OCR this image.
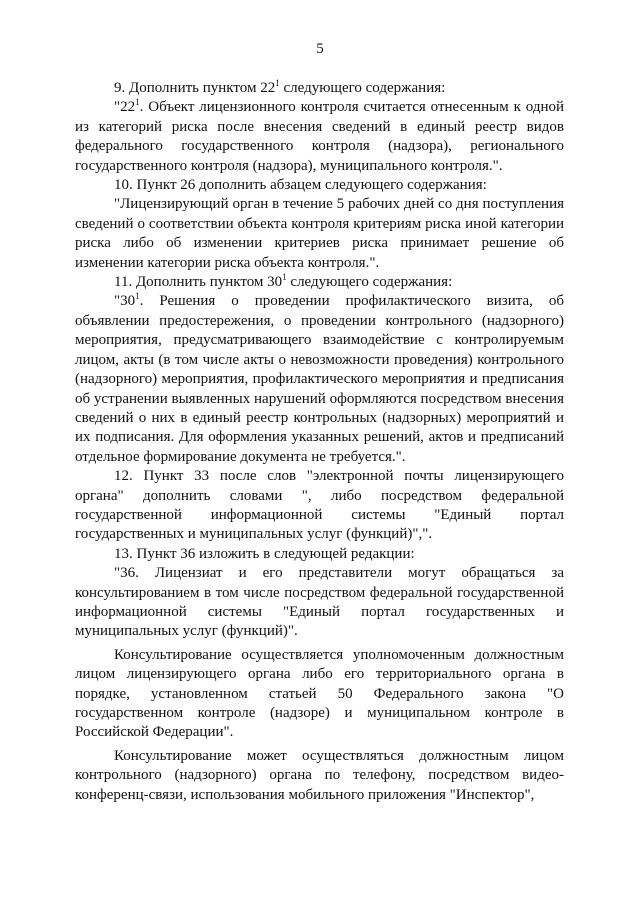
5

9. Дополнить пунктом $22^1$ следующего содержания:

"$22^1$. Объект лицензионного контроля считается отнесенным к одной из категорий риска после внесения сведений в единый реестр видов федерального государственного контроля (надзора), регионального государственного контроля (надзора), муниципального контроля.".

10. Пункт 26 дополнить абзацем следующего содержания:

"Лицензирующий орган в течение 5 рабочих дней со дня поступления сведений о соответствии объекта контроля критериям риска иной категории риска либо об изменении критериев риска принимает решение об изменении категории риска объекта контроля.".

11. Дополнить пунктом $30^1$ следующего содержания:

"$30^1$. Решения о проведении профилактического визита, об объявлении предостережения, о проведении контрольного (надзорного) мероприятия, предусматривающего взаимодействие с контролируемым лицом, акты (в том числе акты о невозможности проведения) контрольного (надзорного) мероприятия, профилактического мероприятия и предписания об устранении выявленных нарушений оформляются посредством внесения сведений о них в единый реестр контрольных (надзорных) мероприятий и их подписания. Для оформления указанных решений, актов и предписаний отдельное формирование документа не требуется.".

12. Пункт 33 после слов "электронной почты лицензирующего органа" дополнить словами ", либо посредством федеральной государственной информационной системы "Единый портал государственных и муниципальных услуг (функций)",".

13. Пункт 36 изложить в следующей редакции:

"36. Лицензиат и его представители могут обращаться за консультированием в том числе посредством федеральной государственной информационной системы "Единый портал государственных и муниципальных услуг (функций)".

Консультирование осуществляется уполномоченным должностным лицом лицензирующего органа либо его территориального органа в порядке, установленном статьей 50 Федерального закона "О государственном контроле (надзоре) и муниципальном контроле в Российской Федерации".

Консультирование может осуществляться должностным лицом контрольного (надзорного) органа по телефону, посредством видео-конференц-связи, использования мобильного приложения "Инспектор",
